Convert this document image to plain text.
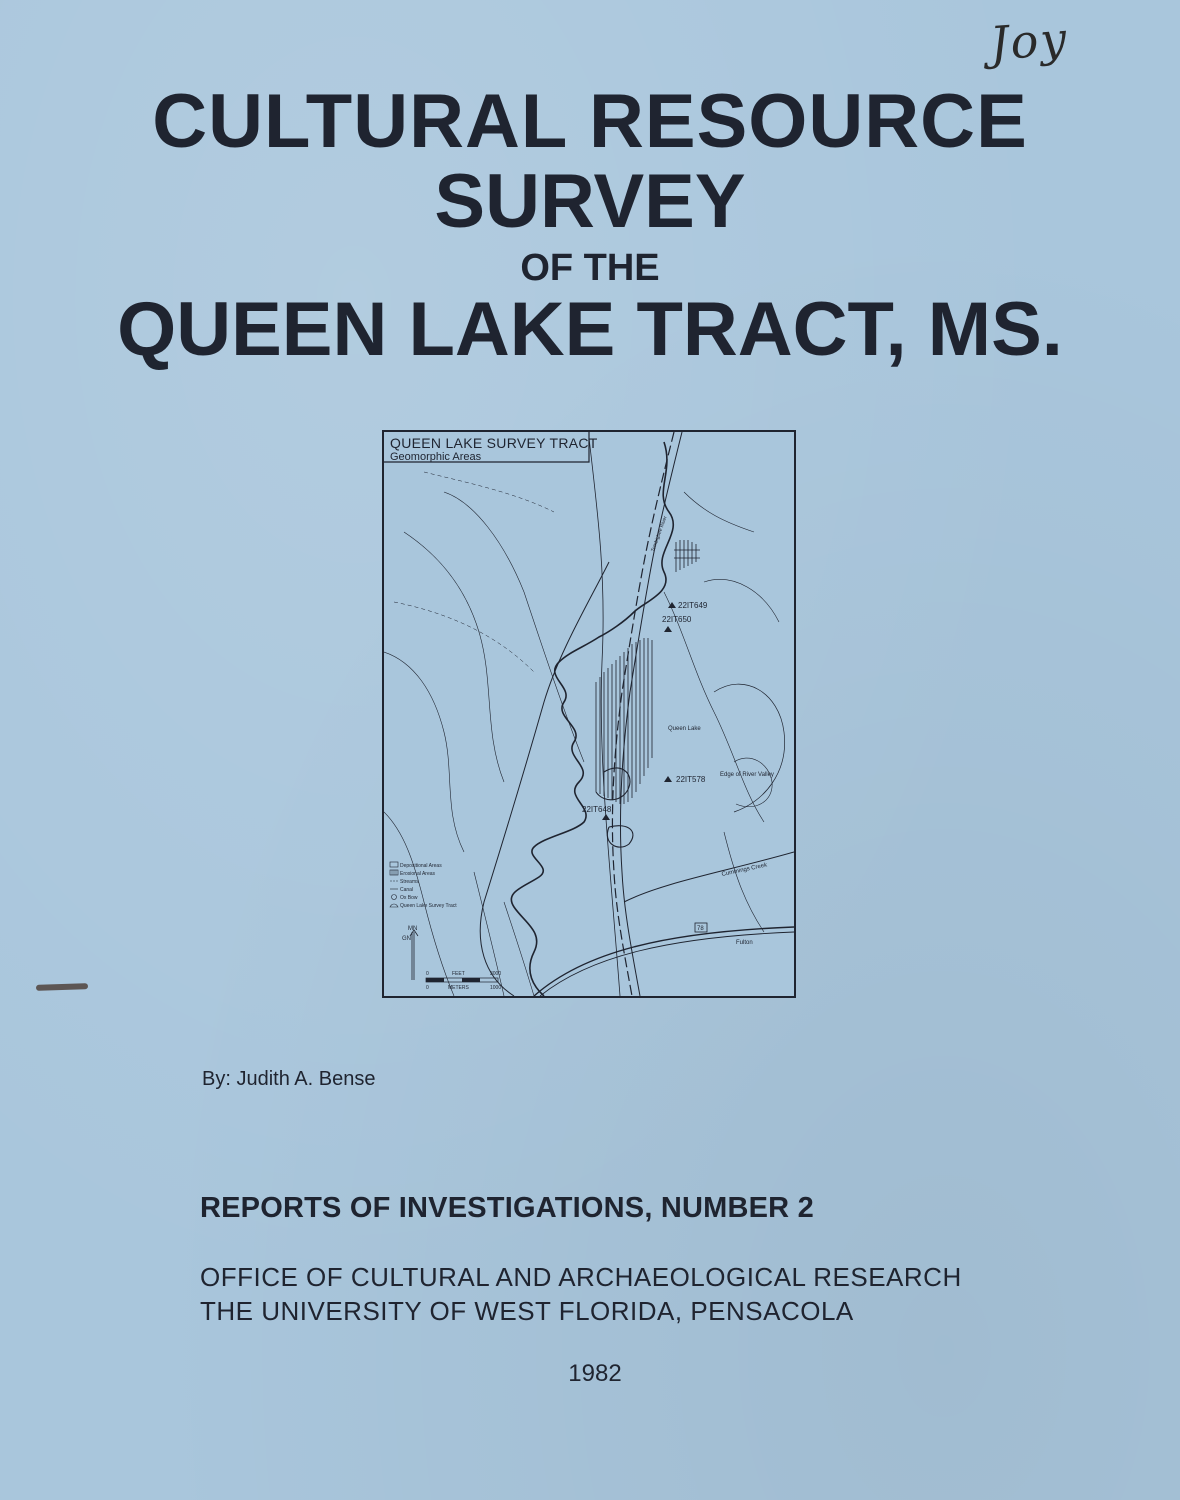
Joy
CULTURAL RESOURCE
SURVEY
OF THE
QUEEN LAKE TRACT, MS.
22IT649
22IT650
22IT578
22IT648
Queen Lake
Edge of River Valley
Cummings Creek
Fulton
Tombigbee River
78
Depositional Areas
Erosional Areas
Streams
Canal
Ox Bow
Queen Lake Survey Tract
MN
GN
0	FEET	3000
0	METERS	1000
QUEEN LAKE SURVEY TRACT
Geomorphic Areas
By: Judith A. Bense
REPORTS OF INVESTIGATIONS, NUMBER 2
OFFICE OF CULTURAL AND ARCHAEOLOGICAL RESEARCH
THE UNIVERSITY OF WEST FLORIDA, PENSACOLA
1982
